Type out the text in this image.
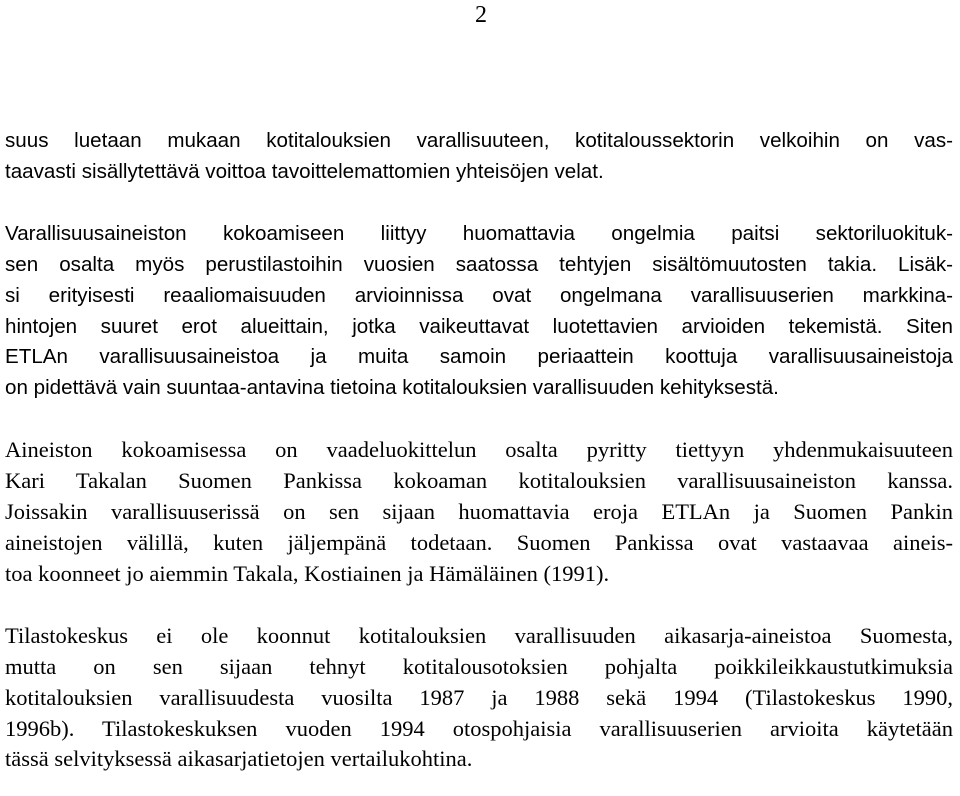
2

suus luetaan mukaan kotitalouksien varallisuuteen, kotitaloussektorin velkoihin on vas-
taavasti sisällytettävä voittoa tavoittelemattomien yhteisöjen velat.

Varallisuusaineiston kokoamiseen liittyy huomattavia ongelmia paitsi sektoriluokituk-
sen osalta myös perustilastoihin vuosien saatossa tehtyjen sisältömuutosten takia. Lisäk-
si erityisesti reaaliomaisuuden arvioinnissa ovat ongelmana varallisuuserien markkina-
hintojen suuret erot alueittain, jotka vaikeuttavat luotettavien arvioiden tekemistä. Siten
ETLAn varallisuusaineistoa ja muita samoin periaattein koottuja varallisuusaineistoja
on pidettävä vain suuntaa-antavina tietoina kotitalouksien varallisuuden kehityksestä.

Aineiston kokoamisessa on vaadeluokittelun osalta pyritty tiettyyn yhdenmukaisuuteen
Kari Takalan Suomen Pankissa kokoaman kotitalouksien varallisuusaineiston kanssa.
Joissakin varallisuuserissä on sen sijaan huomattavia eroja ETLAn ja Suomen Pankin
aineistojen välillä, kuten jäljempänä todetaan. Suomen Pankissa ovat vastaavaa aineis-
toa koonneet jo aiemmin Takala, Kostiainen ja Hämäläinen (1991).

Tilastokeskus ei ole koonnut kotitalouksien varallisuuden aikasarja-aineistoa Suomesta,
mutta on sen sijaan tehnyt kotitalousotoksien pohjalta poikkileikkaustutkimuksia
kotitalouksien varallisuudesta vuosilta 1987 ja 1988 sekä 1994 (Tilastokeskus 1990,
1996b). Tilastokeskuksen vuoden 1994 otospohjaisia varallisuuserien arvioita käytetään
tässä selvityksessä aikasarjatietojen vertailukohtina.
